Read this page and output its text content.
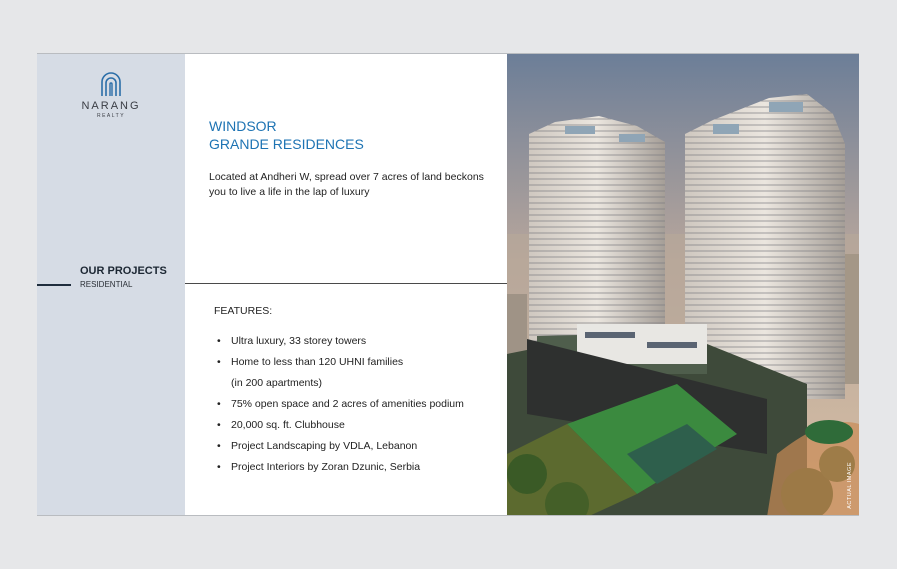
NARANG
REALTY
OUR PROJECTS
RESIDENTIAL
WINDSOR
GRANDE RESIDENCES
Located at Andheri W, spread over 7 acres of land beckons you to live a life in the lap of luxury
FEATURES:
• Ultra luxury, 33 storey towers
• Home to less than 120 UHNI families
(in 200 apartments)
• 75% open space and 2 acres of amenities podium
• 20,000 sq. ft. Clubhouse
• Project Landscaping by VDLA, Lebanon
• Project Interiors by Zoran Dzunic, Serbia	ACTUAL IMAGE
